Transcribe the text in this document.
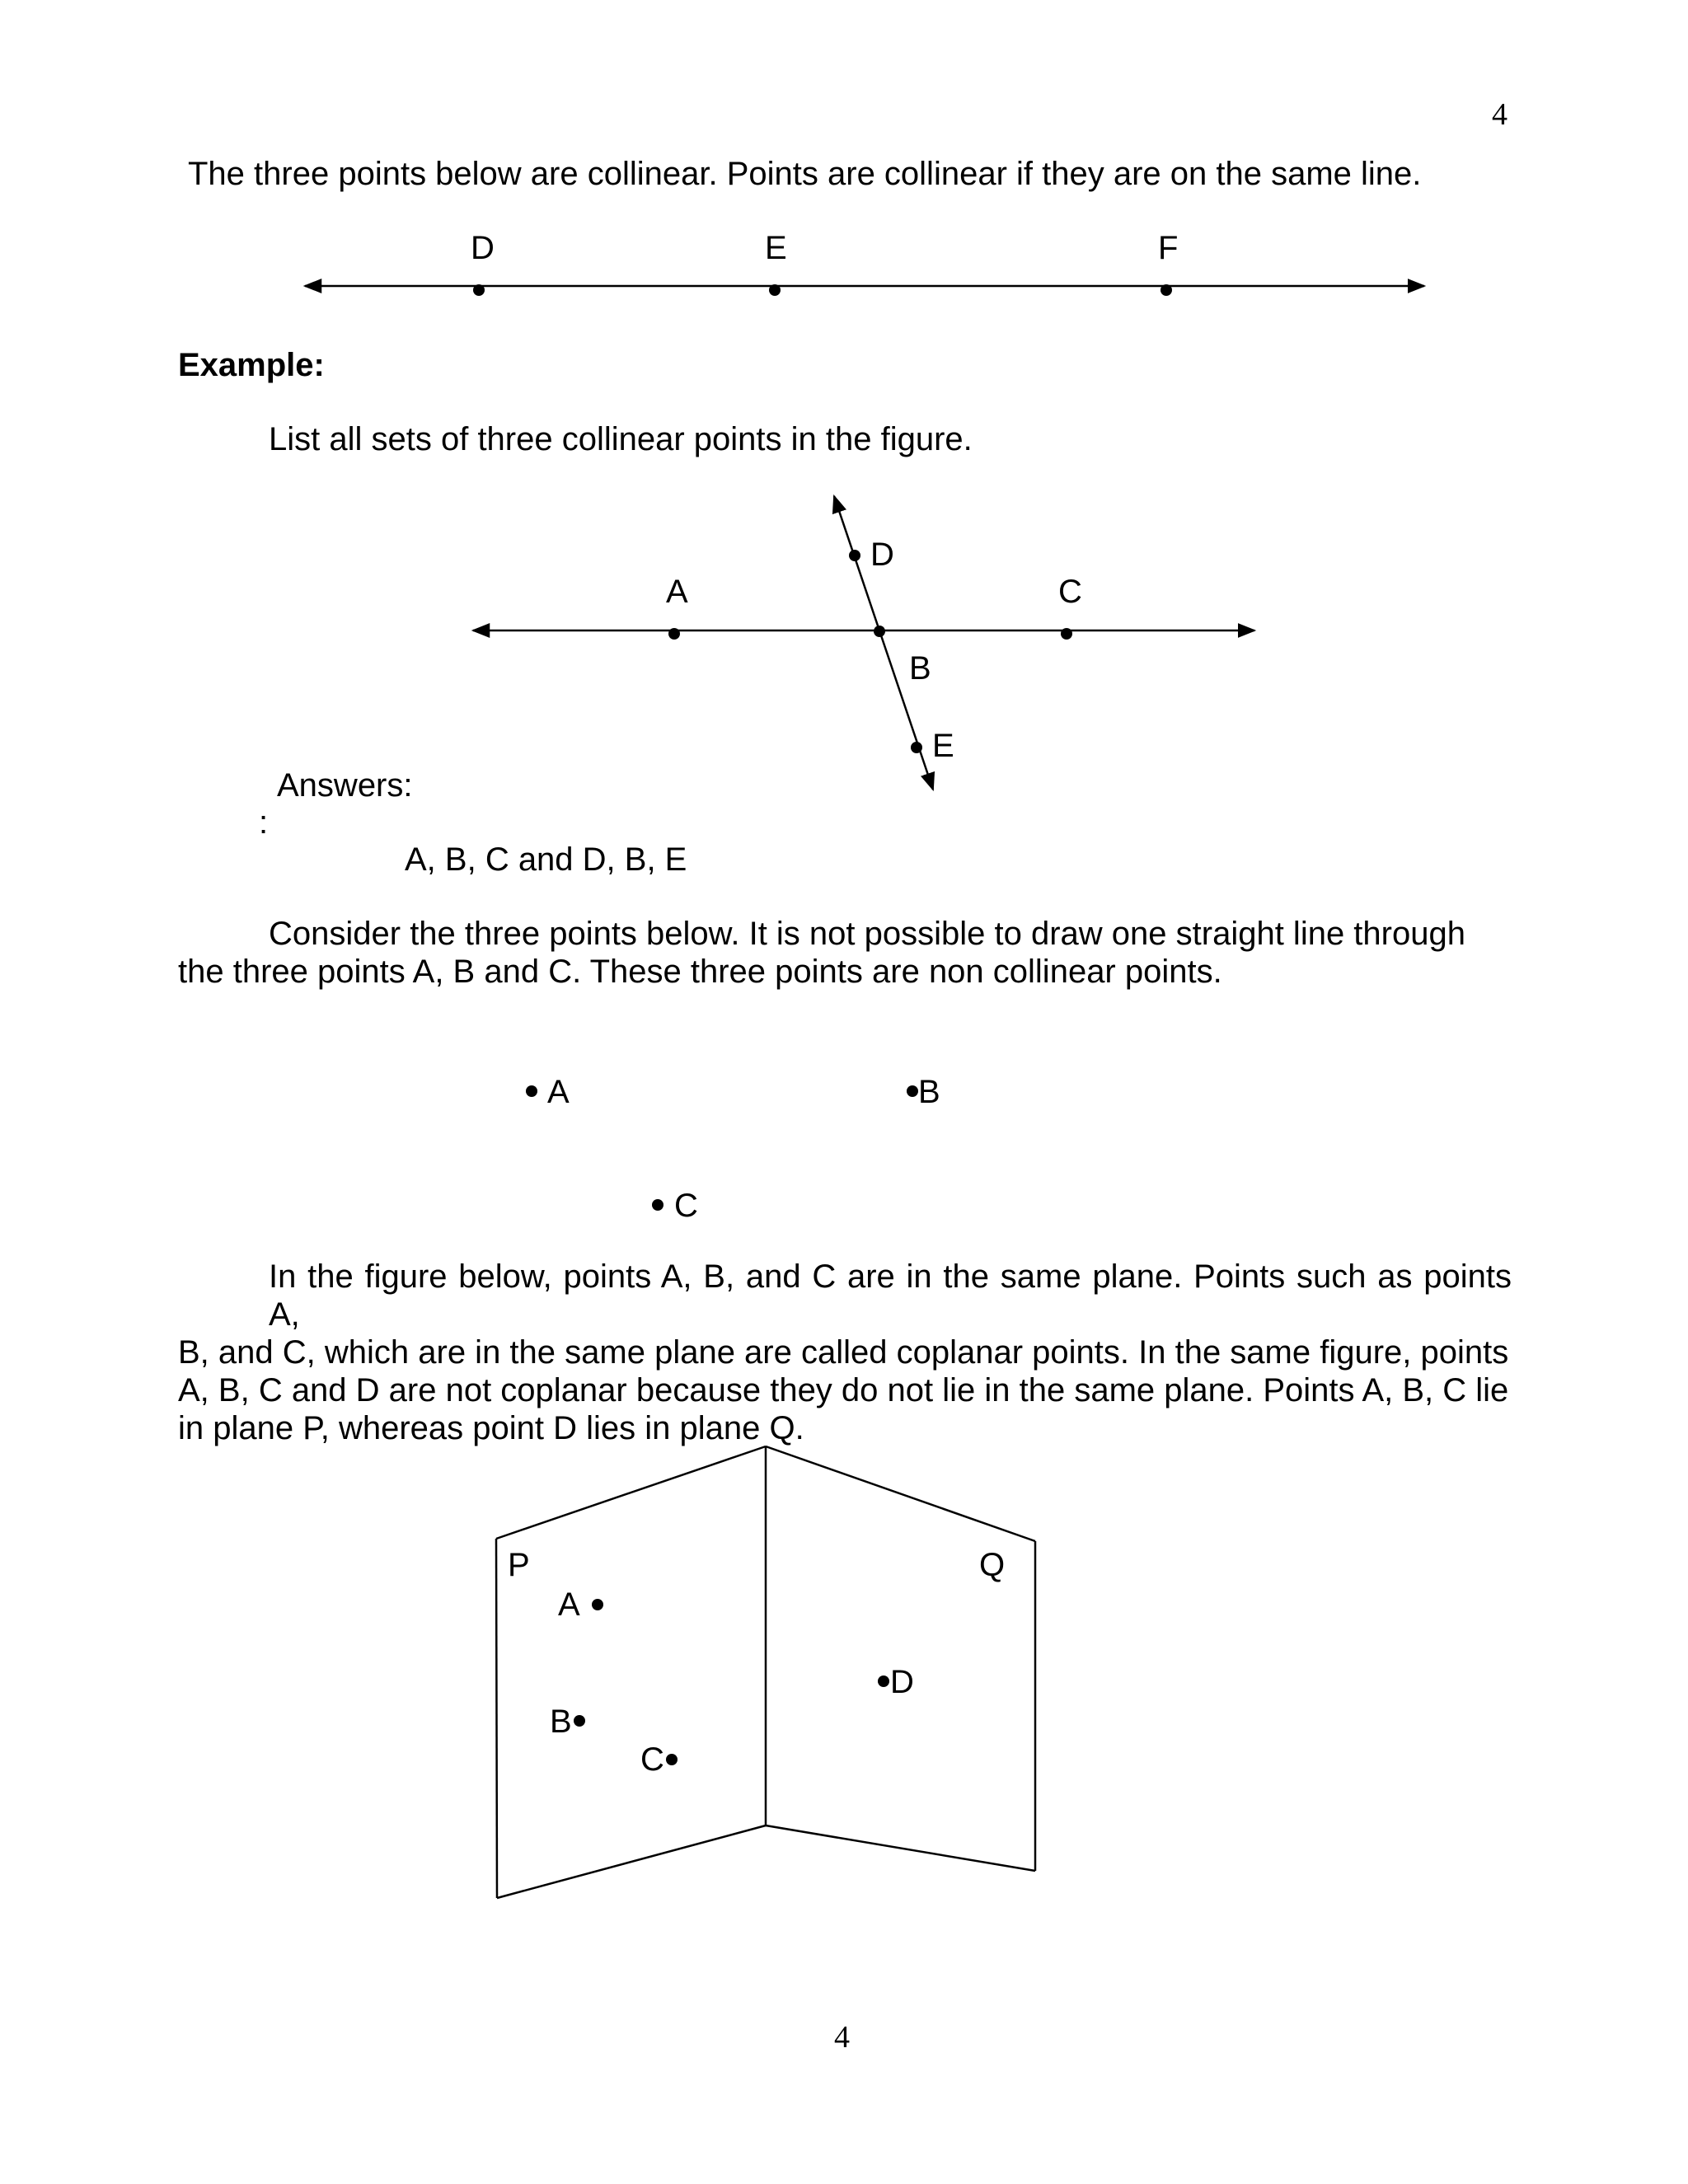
4
The three points below are collinear. Points are collinear if they are on the same line.
D	E	F
Example:
List all sets of three collinear points in the figure.
A
B
C
D
E
Answers:
:
A, B, C and D, B, E
Consider the three points below. It is not possible to draw one straight line through
the three points A, B and C. These three points are non collinear points.
A	B
C
In the figure below, points A, B, and C are in the same plane. Points such as points A,
B, and C, which are in the same plane are called coplanar points. In the same figure, points
A, B, C and D are not coplanar because they do not lie in the same plane. Points A, B, C lie
in plane P, whereas point D lies in plane Q.
P	Q
A
B
C
D
4
